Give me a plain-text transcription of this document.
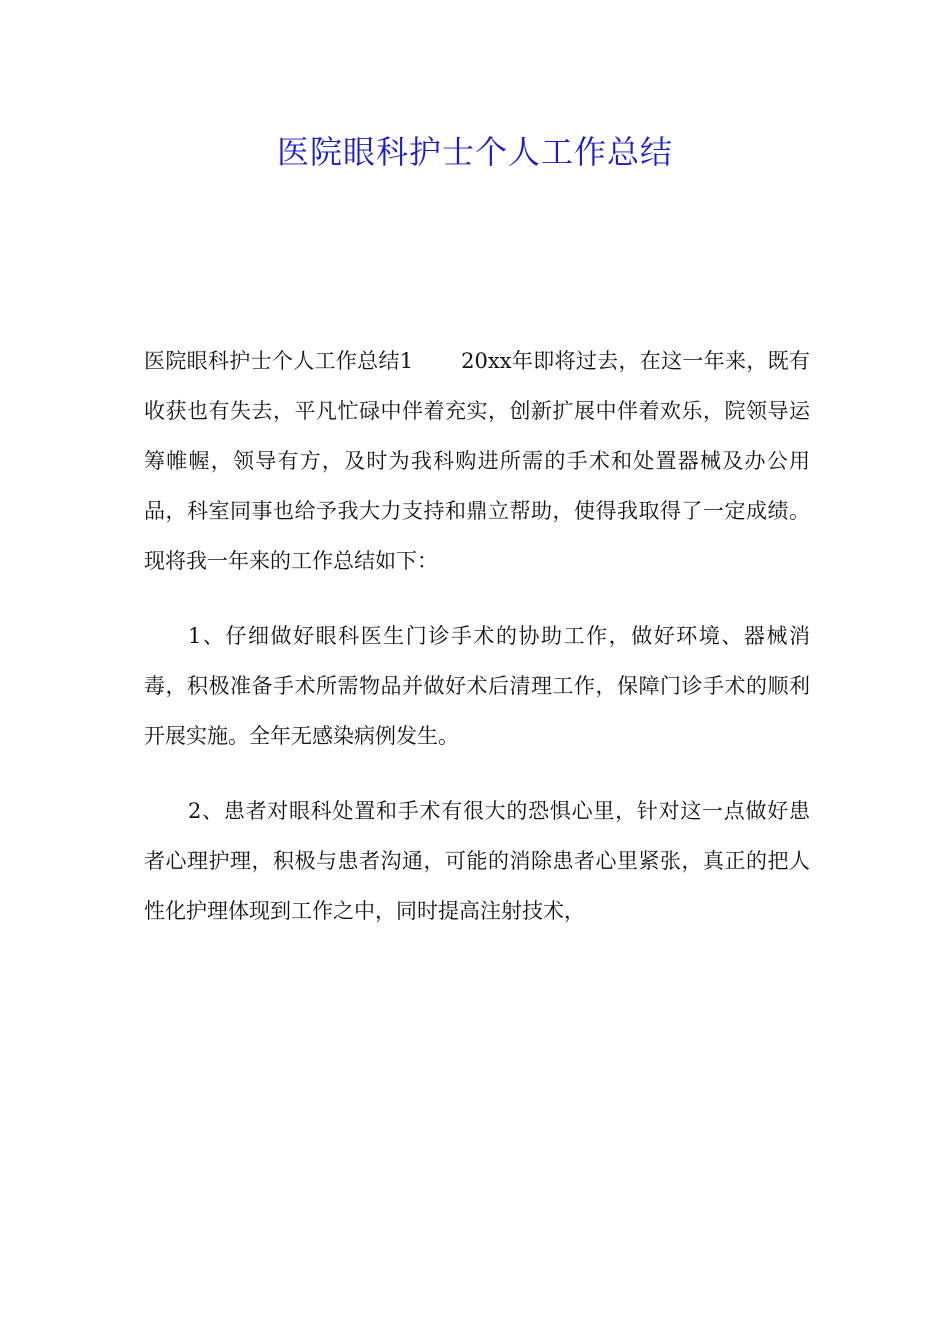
医院眼科护士个人工作总结

医院眼科护士个人工作总结1 20xx年即将过去，在这一年来，既有收获也有失去，平凡忙碌中伴着充实，创新扩展中伴着欢乐，院领导运筹帷幄，领导有方，及时为我科购进所需的手术和处置器械及办公用品，科室同事也给予我大力支持和鼎立帮助，使得我取得了一定成绩。现将我一年来的工作总结如下：

1、仔细做好眼科医生门诊手术的协助工作，做好环境、器械消毒，积极准备手术所需物品并做好术后清理工作，保障门诊手术的顺利开展实施。全年无感染病例发生。

2、患者对眼科处置和手术有很大的恐惧心里，针对这一点做好患者心理护理，积极与患者沟通，可能的消除患者心里紧张，真正的把人性化护理体现到工作之中，同时提高注射技术，
